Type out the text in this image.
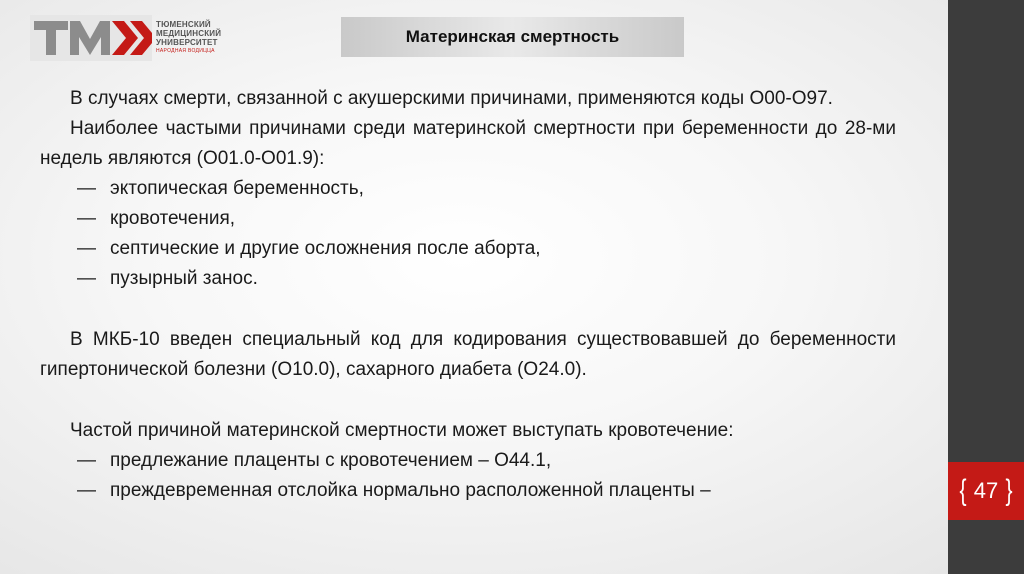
ТЮМЕНСКИЙ
МЕДИЦИНСКИЙ
УНИВЕРСИТЕТ
НАРОДНАЯ ВОДИЦЦА
Материнская смертность

В случаях смерти, связанной с акушерскими причинами, применяются коды О00-О97.

Наиболее частыми причинами среди материнской смертности при беременности до 28-ми недель являются (О01.0-О01.9):

— эктопическая беременность,
— кровотечения,
— септические и другие осложнения после аборта,
— пузырный занос.

В МКБ-10 введен специальный код для кодирования существовавшей до беременности гипертонической болезни (О10.0), сахарного диабета (О24.0).

Частой причиной материнской смертности может выступать кровотечение:

— предлежание плаценты с кровотечением – О44.1,
— преждевременная отслойка нормально расположенной плаценты –	{ 47 }
